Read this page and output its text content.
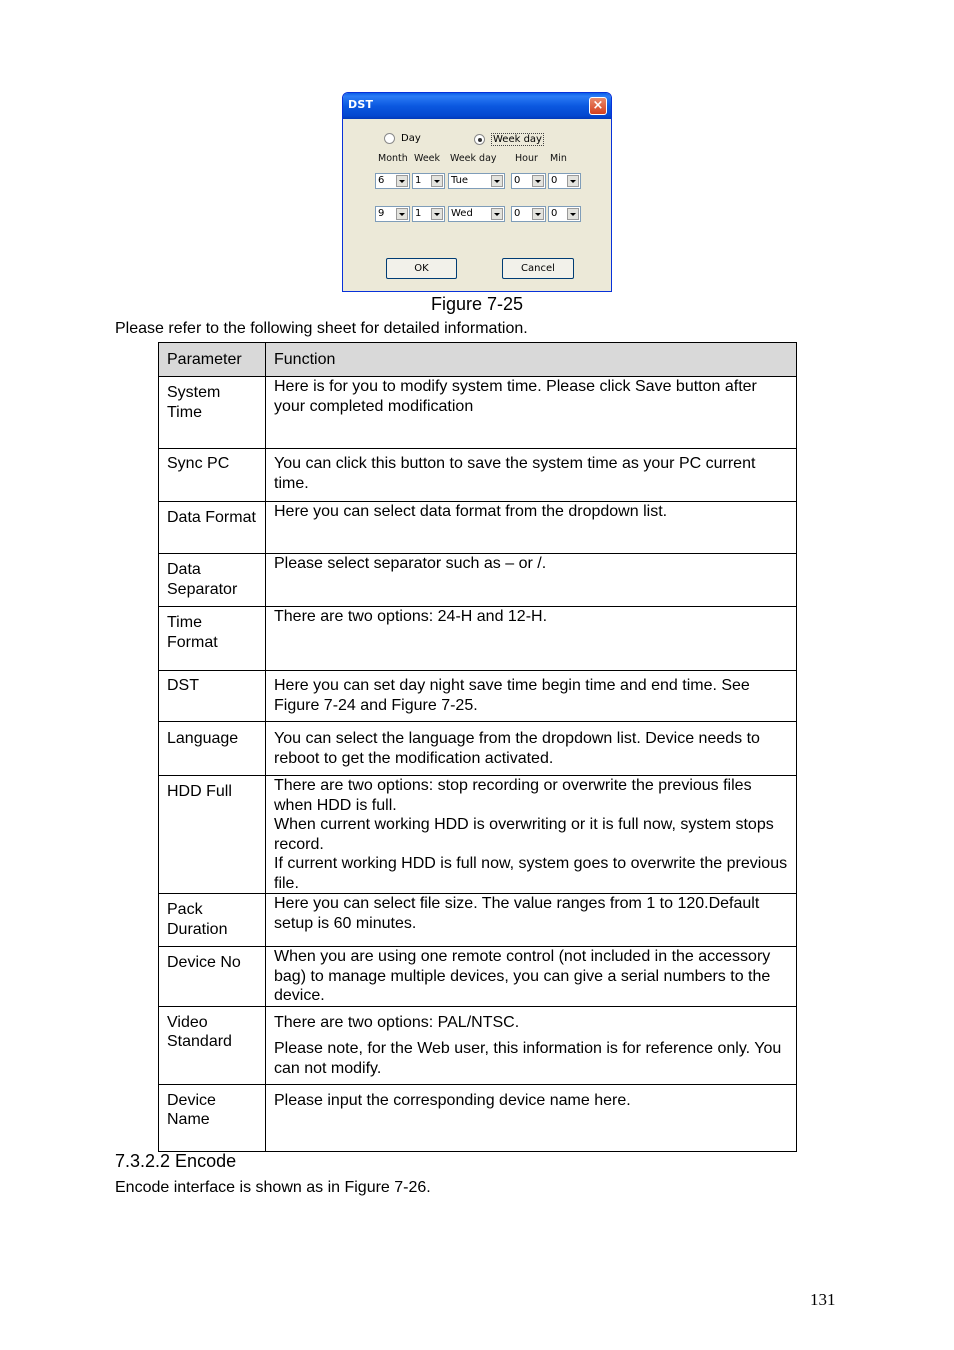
DST	×
Day	Week day
Month Week Week day Hour Min
6	1	Tue	0	0
9	1	Wed	0	0
OK	Cancel
Figure 7-25
Please refer to the following sheet for detailed information.
Parameter	Function
System Time	Here is for you to modify system time. Please click Save button after your completed modification

Sync PC	You can click this button to save the system time as your PC current time.

Data Format	Here you can select data format from the dropdown list.

Data Separator	Please select separator such as – or /.

Time Format	There are two options: 24-H and 12-H.

DST	Here you can set day night save time begin time and end time. See Figure 7-24 and Figure 7-25.

Language	You can select the language from the dropdown list. Device needs to reboot to get the modification activated.

HDD Full	There are two options: stop recording or overwrite the previous files when HDD is full.

When current working HDD is overwriting or it is full now, system stops record.

If current working HDD is full now, system goes to overwrite the previous file.

Pack Duration	Here you can select file size. The value ranges from 1 to 120.Default setup is 60 minutes.

Device No	When you are using one remote control (not included in the accessory bag) to manage multiple devices, you can give a serial numbers to the device.

Video Standard	There are two options: PAL/NTSC.

Please note, for the Web user, this information is for reference only. You can not modify.

Device Name	Please input the corresponding device name here.

7.3.2.2 Encode
Encode interface is shown as in Figure 7-26.
131
